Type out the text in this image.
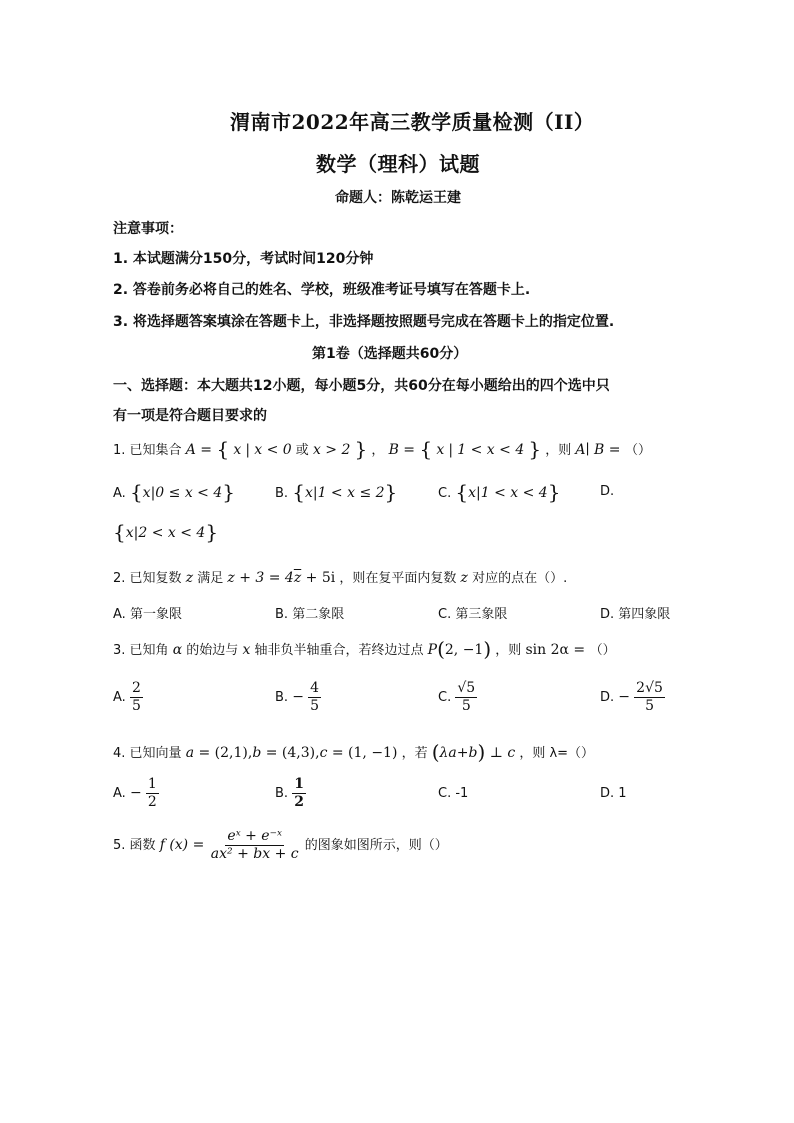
渭南市2022年高三教学质量检测（II）
数学（理科）试题
命题人：陈乾运王建
注意事项：
1. 本试题满分150分，考试时间120分钟
2. 答卷前务必将自己的姓名、学校，班级准考证号填写在答题卡上.
3. 将选择题答案填涂在答题卡上，非选择题按照题号完成在答题卡上的指定位置.
第1卷（选择题共60分）
一、选择题：本大题共12小题，每小题5分，共60分在每小题给出的四个选中只
有一项是符合题目要求的
1. 已知集合 A = { x | x < 0 或 x > 2 } ， B = { x | 1 < x < 4 } ，则 A∣ B = （）
A. {x|0 ≤ x < 4}	B. {x|1 < x ≤ 2}	C. {x|1 < x < 4}	D.
{x|2 < x < 4}
2. 已知复数 z 满足 $z + 3 = 4\overline{z} + 5i$ ，则在复平面内复数 z 对应的点在（）.
A. 第一象限	B. 第二象限	C. 第三象限	D. 第四象限
3. 已知角 α 的始边与 x 轴非负半轴重合，若终边过点 P(2, −1) ，则 sin 2α = （）
A. $\frac{2}{5}$	B. − $\frac{4}{5}$	C. $\frac{√5}{5}$	D. − $\frac{2√5}{5}$
4. 已知向量 a = (2,1),b = (4,3),c = (1, −1) ，若 (λa+b) ⊥ c ，则 λ=（）
A. − $\frac{1}{2}$	B. $\frac{1}{2}$	C. -1	D. 1
5. 函数 f $(x) = \frac{\text{eˣ + e⁻ˣ}}{\text{ax² + bx + c}}$ 的图象如图所示，则（）
